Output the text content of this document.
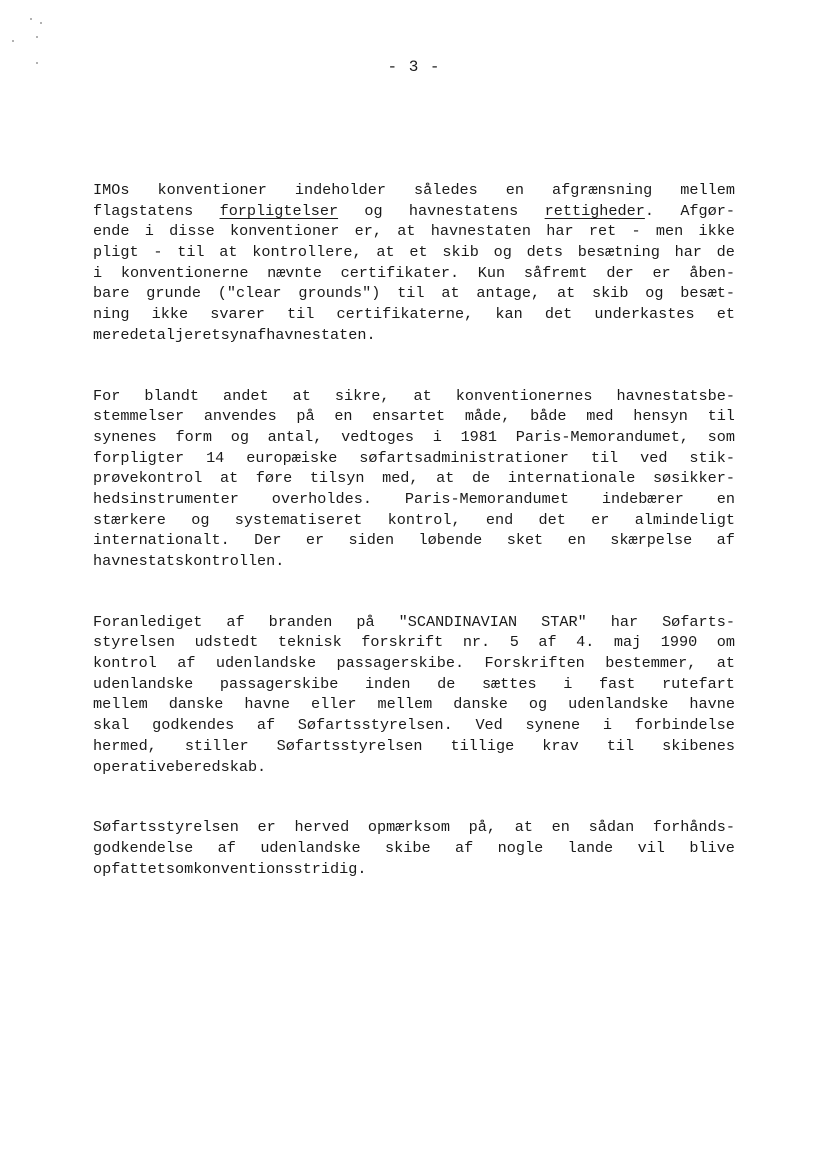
- 3 -
IMOs konventioner indeholder således en afgrænsning mellem
flagstatens forpligtelser og havnestatens rettigheder. Afgør-
ende i disse konventioner er, at havnestaten har ret - men ikke
pligt - til at kontrollere, at et skib og dets besætning har de
i konventionerne nævnte certifikater. Kun såfremt der er åben-
bare grunde ("clear grounds") til at antage, at skib og besæt-
ning ikke svarer til certifikaterne, kan det underkastes et
mere detaljeret syn af havnestaten.
For blandt andet at sikre, at konventionernes havnestatsbe-
stemmelser anvendes på en ensartet måde, både med hensyn til
synenes form og antal, vedtoges i 1981 Paris-Memorandumet, som
forpligter 14 europæiske søfartsadministrationer til ved stik-
prøvekontrol at føre tilsyn med, at de internationale søsikker-
hedsinstrumenter overholdes. Paris-Memorandumet indebærer en
stærkere og systematiseret kontrol, end det er almindeligt
internationalt. Der er siden løbende sket en skærpelse af
havnestatskontrollen.
Foranlediget af branden på "SCANDINAVIAN STAR" har Søfarts-
styrelsen udstedt teknisk forskrift nr. 5 af 4. maj 1990 om
kontrol af udenlandske passagerskibe. Forskriften bestemmer, at
udenlandske passagerskibe inden de sættes i fast rutefart
mellem danske havne eller mellem danske og udenlandske havne
skal godkendes af Søfartsstyrelsen. Ved synene i forbindelse
hermed, stiller Søfartsstyrelsen tillige krav til skibenes
operative beredskab.
Søfartsstyrelsen er herved opmærksom på, at en sådan forhånds-
godkendelse af udenlandske skibe af nogle lande vil blive
opfattet som konventionsstridig.
